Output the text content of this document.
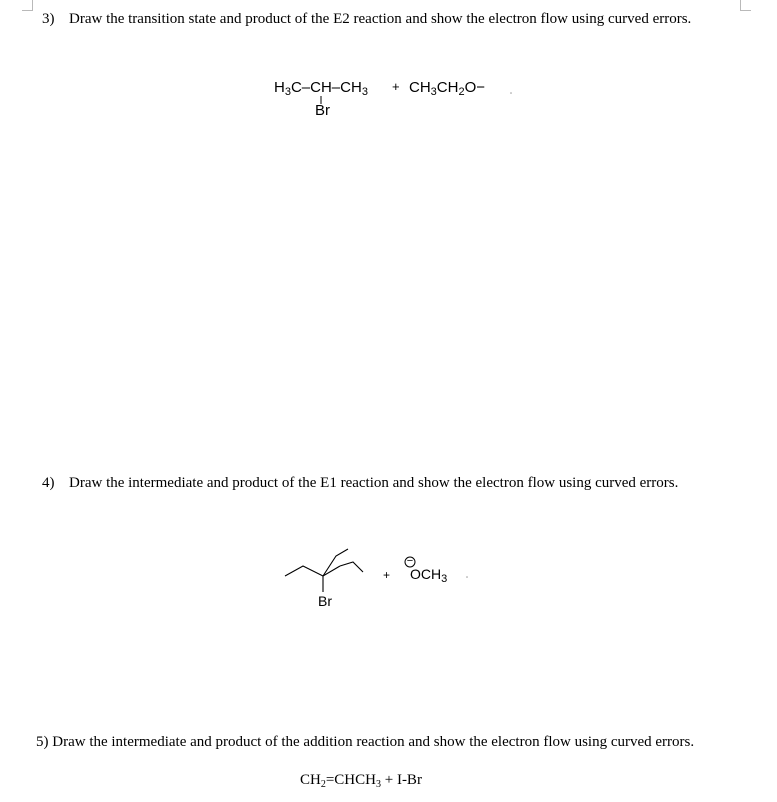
3) Draw the transition state and product of the E2 reaction and show the electron flow using curved errors.
$H_3C-CH-CH_3$
Br
+ $CH_3CH_2O-$
4) Draw the intermediate and product of the E1 reaction and show the electron flow using curved errors.
Br
+
−
$OCH_3$
5) Draw the intermediate and product of the addition reaction and show the electron flow using curved errors.
$CH_2=CHCH_3 + I-Br$
